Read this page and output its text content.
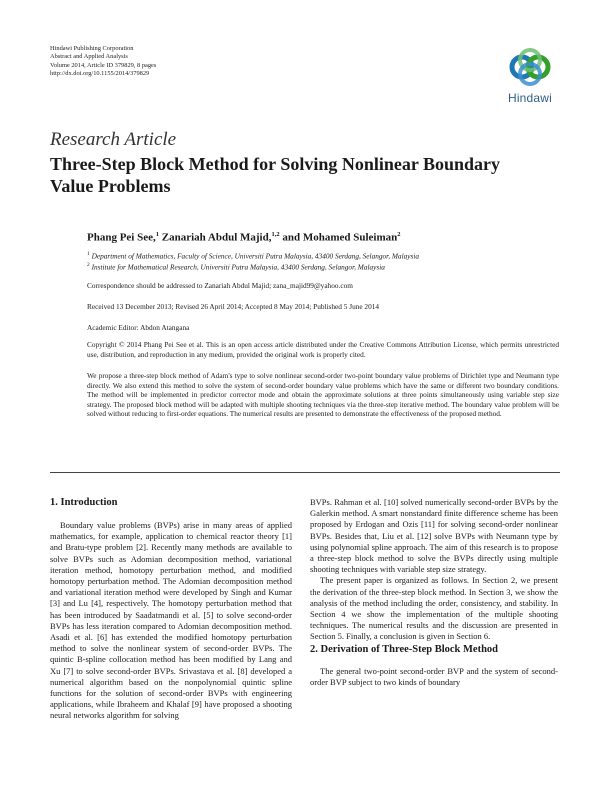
Hindawi Publishing Corporation
Abstract and Applied Analysis
Volume 2014, Article ID 379829, 8 pages
http://dx.doi.org/10.1155/2014/379829
Hindawi
Research Article
Three-Step Block Method for Solving Nonlinear Boundary Value Problems
Phang Pei See,$^1$ Zanariah Abdul Majid,$^{1,2}$ and Mohamed Suleiman$^2$
$^1$ Department of Mathematics, Faculty of Science, Universiti Putra Malaysia, 43400 Serdang, Selangor, Malaysia
$^2$ Institute for Mathematical Research, Universiti Putra Malaysia, 43400 Serdang, Selangor, Malaysia
Correspondence should be addressed to Zanariah Abdul Majid; zana_majid99@yahoo.com
Received 13 December 2013; Revised 26 April 2014; Accepted 8 May 2014; Published 5 June 2014
Academic Editor: Abdon Atangana
Copyright © 2014 Phang Pei See et al. This is an open access article distributed under the Creative Commons Attribution License, which permits unrestricted use, distribution, and reproduction in any medium, provided the original work is properly cited.
We propose a three-step block method of Adam's type to solve nonlinear second-order two-point boundary value problems of Dirichlet type and Neumann type directly. We also extend this method to solve the system of second-order boundary value problems which have the same or different two boundary conditions. The method will be implemented in predictor corrector mode and obtain the approximate solutions at three points simultaneously using variable step size strategy. The proposed block method will be adapted with multiple shooting techniques via the three-step iterative method. The boundary value problem will be solved without reducing to first-order equations. The numerical results are presented to demonstrate the effectiveness of the proposed method.
1. Introduction

Boundary value problems (BVPs) arise in many areas of applied mathematics, for example, application to chemical reactor theory [1] and Bratu-type problem [2]. Recently many methods are available to solve BVPs such as Adomian decomposition method, variational iteration method, homotopy perturbation method, and modified homotopy perturbation method. The Adomian decomposition method and variational iteration method were developed by Singh and Kumar [3] and Lu [4], respectively. The homotopy perturbation method that has been introduced by Saadatmandi et al. [5] to solve second-order BVPs has less iteration compared to Adomian decomposition method. Asadi et al. [6] has extended the modified homotopy perturbation method to solve the nonlinear system of second-order BVPs. The quintic B-spline collocation method has been modified by Lang and Xu [7] to solve second-order BVPs. Srivastava et al. [8] developed a numerical algorithm based on the nonpolynomial quintic spline functions for the solution of second-order BVPs with engineering applications, while Ibraheem and Khalaf [9] have proposed a shooting neural networks algorithm for solving

BVPs. Rahman et al. [10] solved numerically second-order BVPs by the Galerkin method. A smart nonstandard finite difference scheme has been proposed by Erdogan and Ozis [11] for solving second-order nonlinear BVPs. Besides that, Liu et al. [12] solve BVPs with Neumann type by using polynomial spline approach. The aim of this research is to propose a three-step block method to solve the BVPs directly using multiple shooting techniques with variable step size strategy.

The present paper is organized as follows. In Section 2, we present the derivation of the three-step block method. In Section 3, we show the analysis of the method including the order, consistency, and stability. In Section 4 we show the implementation of the multiple shooting techniques. The numerical results and the discussion are presented in Section 5. Finally, a conclusion is given in Section 6.

2. Derivation of Three-Step Block Method

The general two-point second-order BVP and the system of second-order BVP subject to two kinds of boundary
